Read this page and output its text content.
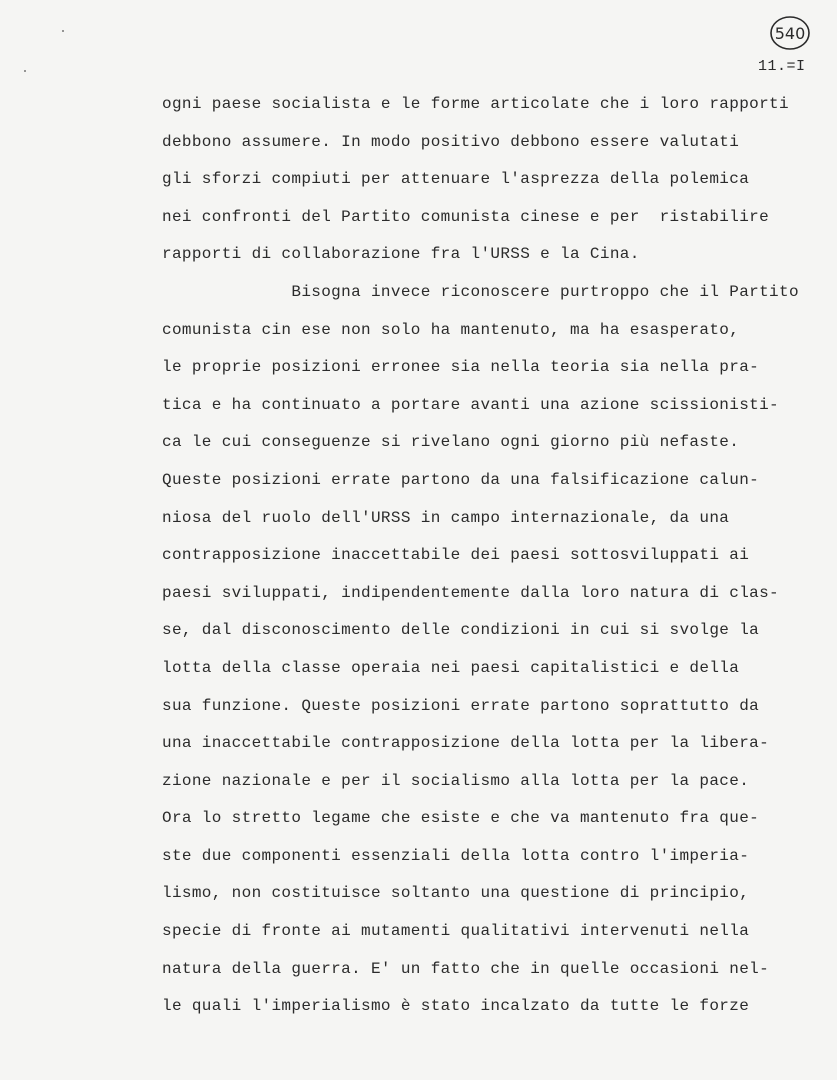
540
11.=I
ogni paese socialista e le forme articolate che i loro rapporti
debbono assumere. In modo positivo debbono essere valutati
gli sforzi compiuti per attenuare l'asprezza della polemica
nei confronti del Partito comunista cinese e per  ristabilire
rapporti di collaborazione fra l'URSS e la Cina.
Bisogna invece riconoscere purtroppo che il Partito
comunista cin ese non solo ha mantenuto, ma ha esasperato,
le proprie posizioni erronee sia nella teoria sia nella pra-
tica e ha continuato a portare avanti una azione scissionisti-
ca le cui conseguenze si rivelano ogni giorno più nefaste.
Queste posizioni errate partono da una falsificazione calun-
niosa del ruolo dell'URSS in campo internazionale, da una
contrapposizione inaccettabile dei paesi sottosviluppati ai
paesi sviluppati, indipendentemente dalla loro natura di clas-
se, dal disconoscimento delle condizioni in cui si svolge la
lotta della classe operaia nei paesi capitalistici e della
sua funzione. Queste posizioni errate partono soprattutto da
una inaccettabile contrapposizione della lotta per la libera-
zione nazionale e per il socialismo alla lotta per la pace.
Ora lo stretto legame che esiste e che va mantenuto fra que-
ste due componenti essenziali della lotta contro l'imperia-
lismo, non costituisce soltanto una questione di principio,
specie di fronte ai mutamenti qualitativi intervenuti nella
natura della guerra. E' un fatto che in quelle occasioni nel-
le quali l'imperialismo è stato incalzato da tutte le forze
